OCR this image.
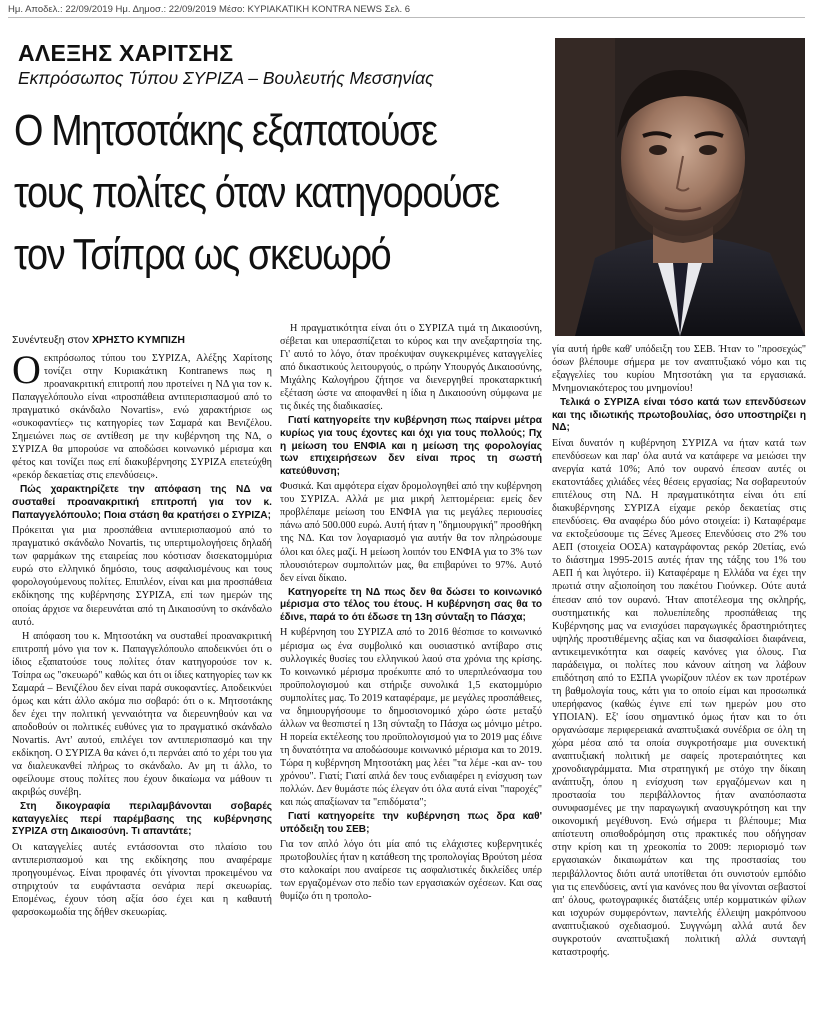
Ημ. Αποδελ.: 22/09/2019 Ημ. Δημοσ.: 22/09/2019 Μέσο: ΚΥΡΙΑΚΑΤΙΚΗ KONTRA NEWS Σελ. 6
ΑΛΕΞΗΣ ΧΑΡΙΤΣΗΣ
Εκπρόσωπος Τύπου ΣΥΡΙΖΑ – Βουλευτής Μεσσηνίας
Ο Μητσοτάκης εξαπατούσε
τους πολίτες όταν κατηγορούσε
τον Τσίπρα ως σκευωρό
Συνέντευξη στον ΧΡΗΣΤΟ ΚΥΜΠΙΖΗ

Οεκπρόσωπος τύπου του ΣΥΡΙΖΑ, Αλέξης Χαρίτσης τονίζει στην Κυριακάτικη Kontranews πως η προανακριτική επιτροπή που προτείνει η ΝΔ για τον κ. Παπαγγελόπουλο είναι «προσπάθεια αντιπερισπασμού από το πραγματικό σκάνδαλο Novartis», ενώ χαρακτήρισε ως «συκοφαντίες» τις κατηγορίες των Σαμαρά και Βενιζέλου. Σημειώνει πως σε αντίθεση με την κυβέρνηση της ΝΔ, ο ΣΥΡΙΖΑ θα μπορούσε να αποδώσει κοινωνικό μέρισμα και φέτος και τονίζει πως επί διακυβέρνησης ΣΥΡΙΖΑ επετεύχθη «ρεκόρ δεκαετίας στις επενδύσεις».

Πώς χαρακτηρίζετε την απόφαση της ΝΔ να συσταθεί προανακριτική επιτροπή για τον κ. Παπαγγελόπουλο; Ποια στάση θα κρατήσει ο ΣΥΡΙΖΑ;

Πρόκειται για μια προσπάθεια αντιπερισπασμού από το πραγματικό σκάνδαλο Novartis, τις υπερτιμολογήσεις δηλαδή των φαρμάκων της εταιρείας που κόστισαν δισεκατομμύρια ευρώ στο ελληνικό δημόσιο, τους ασφαλισμένους και τους φορολογούμενους πολίτες. Επιπλέον, είναι και μια προσπάθεια εκδίκησης της κυβέρνησης ΣΥΡΙΖΑ, επί των ημερών της οποίας άρχισε να διερευνάται από τη Δικαιοσύνη το σκάνδαλο αυτό.

Η απόφαση του κ. Μητσοτάκη να συσταθεί προανακριτική επιτροπή μόνο για τον κ. Παπαγγελόπουλο αποδεικνύει ότι ο ίδιος εξαπατούσε τους πολίτες όταν κατηγορούσε τον κ. Τσίπρα ως "σκευωρό" καθώς και ότι οι ίδιες κατηγορίες των κκ Σαμαρά – Βενιζέλου δεν είναι παρά συκοφαντίες. Αποδεικνύει όμως και κάτι άλλο ακόμα πιο σοβαρό: ότι ο κ. Μητσοτάκης δεν έχει την πολιτική γενναιότητα να διερευνηθούν και να αποδοθούν οι πολιτικές ευθύνες για το πραγματικό σκάνδαλο Novartis. Αντ' αυτού, επιλέγει τον αντιπερισπασμό και την εκδίκηση. Ο ΣΥΡΙΖΑ θα κάνει ό,τι περνάει από το χέρι του για να διαλευκανθεί πλήρως το σκάνδαλο. Αν μη τι άλλο, το οφείλουμε στους πολίτες που έχουν δικαίωμα να μάθουν τι ακριβώς συνέβη.

Στη δικογραφία περιλαμβάνονται σοβαρές καταγγελίες περί παρέμβασης της κυβέρνησης ΣΥΡΙΖΑ στη Δικαιοσύνη. Τι απαντάτε;

Οι καταγγελίες αυτές εντάσσονται στο πλαίσιο του αντιπερισπασμού και της εκδίκησης που αναφέραμε προηγουμένως. Είναι προφανές ότι γίνονται προκειμένου να στηριχτούν τα ευφάνταστα σενάρια περί σκευωρίας. Επομένως, έχουν τόση αξία όσο έχει και η καθαυτή φαρσοκωμωδία της δήθεν σκευωρίας.

Η πραγματικότητα είναι ότι ο ΣΥΡΙΖΑ τιμά τη Δικαιοσύνη, σέβεται και υπερασπίζεται το κύρος και την ανεξαρτησία της. Γι' αυτό το λόγο, όταν προέκυψαν συγκεκριμένες καταγγελίες από δικαστικούς λειτουργούς, ο πρώην Υπουργός Δικαιοσύνης, Μιχάλης Καλογήρου ζήτησε να διενεργηθεί προκαταρκτική εξέταση ώστε να αποφανθεί η ίδια η Δικαιοσύνη σύμφωνα με τις δικές της διαδικασίες.

Γιατί κατηγορείτε την κυβέρνηση πως παίρνει μέτρα κυρίως για τους έχοντες και όχι για τους πολλούς; Πχ η μείωση του ΕΝΦΙΑ και η μείωση της φορολογίας των επιχειρήσεων δεν είναι προς τη σωστή κατεύθυνση;

Φυσικά. Και αμφότερα είχαν δρομολογηθεί από την κυβέρνηση του ΣΥΡΙΖΑ. Αλλά με μια μικρή λεπτομέρεια: εμείς δεν προβλέπαμε μείωση του ΕΝΦΙΑ για τις μεγάλες περιουσίες πάνω από 500.000 ευρώ. Αυτή ήταν η "δημιουργική" προσθήκη της ΝΔ. Και τον λογαριασμό για αυτήν θα τον πληρώσουμε όλοι και όλες μαζί. Η μείωση λοιπόν του ΕΝΦΙΑ για το 3% των πλουσιότερων συμπολιτών μας, θα επιβαρύνει το 97%. Αυτό δεν είναι δίκαιο.

Κατηγορείτε τη ΝΔ πως δεν θα δώσει το κοινωνικό μέρισμα στο τέλος του έτους. Η κυβέρνηση σας θα το έδινε, παρά το ότι έδωσε τη 13η σύνταξη το Πάσχα;

Η κυβέρνηση του ΣΥΡΙΖΑ από το 2016 θέσπισε το κοινωνικό μέρισμα ως ένα συμβολικό και ουσιαστικό αντίβαρο στις συλλογικές θυσίες του ελληνικού λαού στα χρόνια της κρίσης. Το κοινωνικό μέρισμα προέκυπτε από το υπερπλεόνασμα του προϋπολογισμού και στήριξε συνολικά 1,5 εκατομμύριο συμπολίτες μας. Το 2019 καταφέραμε, με μεγάλες προσπάθειες, να δημιουργήσουμε το δημοσιονομικό χώρο ώστε μεταξύ άλλων να θεσπιστεί η 13η σύνταξη το Πάσχα ως μόνιμο μέτρο. Η πορεία εκτέλεσης του προϋπολογισμού για το 2019 μας έδινε τη δυνατότητα να αποδώσουμε κοινωνικό μέρισμα και το 2019. Τώρα η κυβέρνηση Μητσοτάκη μας λέει "τα λέμε -και αν- του χρόνου". Γιατί; Γιατί απλά δεν τους ενδιαφέρει η ενίσχυση των πολλών. Δεν θυμάστε πώς έλεγαν ότι όλα αυτά είναι "παροχές" και πώς απαξίωναν τα "επιδόματα";

Γιατί κατηγορείτε την κυβέρνηση πως δρα καθ' υπόδειξη του ΣΕΒ;

Για τον απλό λόγο ότι μία από τις ελάχιστες κυβερνητικές πρωτοβουλίες ήταν η κατάθεση της τροπολογίας Βρούτση μέσα στο καλοκαίρι που αναίρεσε τις ασφαλιστικές δικλείδες υπέρ των εργαζομένων στο πεδίο των εργασιακών σχέσεων. Και σας θυμίζω ότι η τροπολο-

γία αυτή ήρθε καθ' υπόδειξη του ΣΕΒ. Ήταν το "προσεχώς" όσων βλέπουμε σήμερα με τον αναπτυξιακό νόμο και τις εξαγγελίες του κυρίου Μητσοτάκη για τα εργασιακά. Μνημονιακότερος του μνημονίου!

Τελικά ο ΣΥΡΙΖΑ είναι τόσο κατά των επενδύσεων και της ιδιωτικής πρωτοβουλίας, όσο υποστηρίζει η ΝΔ;

Είναι δυνατόν η κυβέρνηση ΣΥΡΙΖΑ να ήταν κατά των επενδύσεων και παρ' όλα αυτά να κατάφερε να μειώσει την ανεργία κατά 10%; Από τον ουρανό έπεσαν αυτές οι εκατοντάδες χιλιάδες νέες θέσεις εργασίας; Να σοβαρευτούν επιτέλους στη ΝΔ. Η πραγματικότητα είναι ότι επί διακυβέρνησης ΣΥΡΙΖΑ είχαμε ρεκόρ δεκαετίας στις επενδύσεις. Θα αναφέρω δύο μόνο στοιχεία: i) Καταφέραμε να εκτοξεύσουμε τις Ξένες Άμεσες Επενδύσεις στο 2% του ΑΕΠ (στοιχεία ΟΟΣΑ) καταγράφοντας ρεκόρ 20ετίας, ενώ το διάστημα 1995-2015 αυτές ήταν της τάξης του 1% του ΑΕΠ ή και λιγότερο. ii) Καταφέραμε η Ελλάδα να έχει την πρωτιά στην αξιοποίηση του πακέτου Γιούνκερ. Ούτε αυτά έπεσαν από τον ουρανό. Ήταν αποτέλεσμα της σκληρής, συστηματικής και πολυεπίπεδης προσπάθειας της Κυβέρνησης μας να ενισχύσει παραγωγικές δραστηριότητες υψηλής προστιθέμενης αξίας και να διασφαλίσει διαφάνεια, αντικειμενικότητα και σαφείς κανόνες για όλους. Για παράδειγμα, οι πολίτες που κάνουν αίτηση να λάβουν επιδότηση από το ΕΣΠΑ γνωρίζουν πλέον εκ των προτέρων τη βαθμολογία τους, κάτι για το οποίο είμαι και προσωπικά υπερήφανος (καθώς έγινε επί των ημερών μου στο ΥΠΟΙΑΝ). Εξ' ίσου σημαντικό όμως ήταν και το ότι οργανώσαμε περιφερειακά αναπτυξιακά συνέδρια σε όλη τη χώρα μέσα από τα οποία συγκροτήσαμε μια συνεκτική αναπτυξιακή πολιτική με σαφείς προτεραιότητες και χρονοδιαγράμματα. Μια στρατηγική με στόχο την δίκαιη ανάπτυξη, όπου η ενίσχυση των εργαζόμενων και η προστασία του περιβάλλοντος ήταν αναπόσπαστα συνυφασμένες με την παραγωγική ανασυγκρότηση και την οικονομική μεγέθυνση. Ενώ σήμερα τι βλέπουμε; Μια απίστευτη οπισθοδρόμηση στις πρακτικές που οδήγησαν στην κρίση και τη χρεοκοπία το 2009: περιορισμό των εργασιακών δικαιωμάτων και της προστασίας του περιβάλλοντος διότι αυτά υποτίθεται ότι συνιστούν εμπόδιο για τις επενδύσεις, αντί για κανόνες που θα γίνονται σεβαστοί απ' όλους, φωτογραφικές διατάξεις υπέρ κομματικών φίλων και ισχυρών συμφερόντων, παντελής έλλειψη μακρόπνοου αναπτυξιακού σχεδιασμού. Συγγνώμη αλλά αυτά δεν συγκροτούν αναπτυξιακή πολιτική αλλά συνταγή καταστροφής.
